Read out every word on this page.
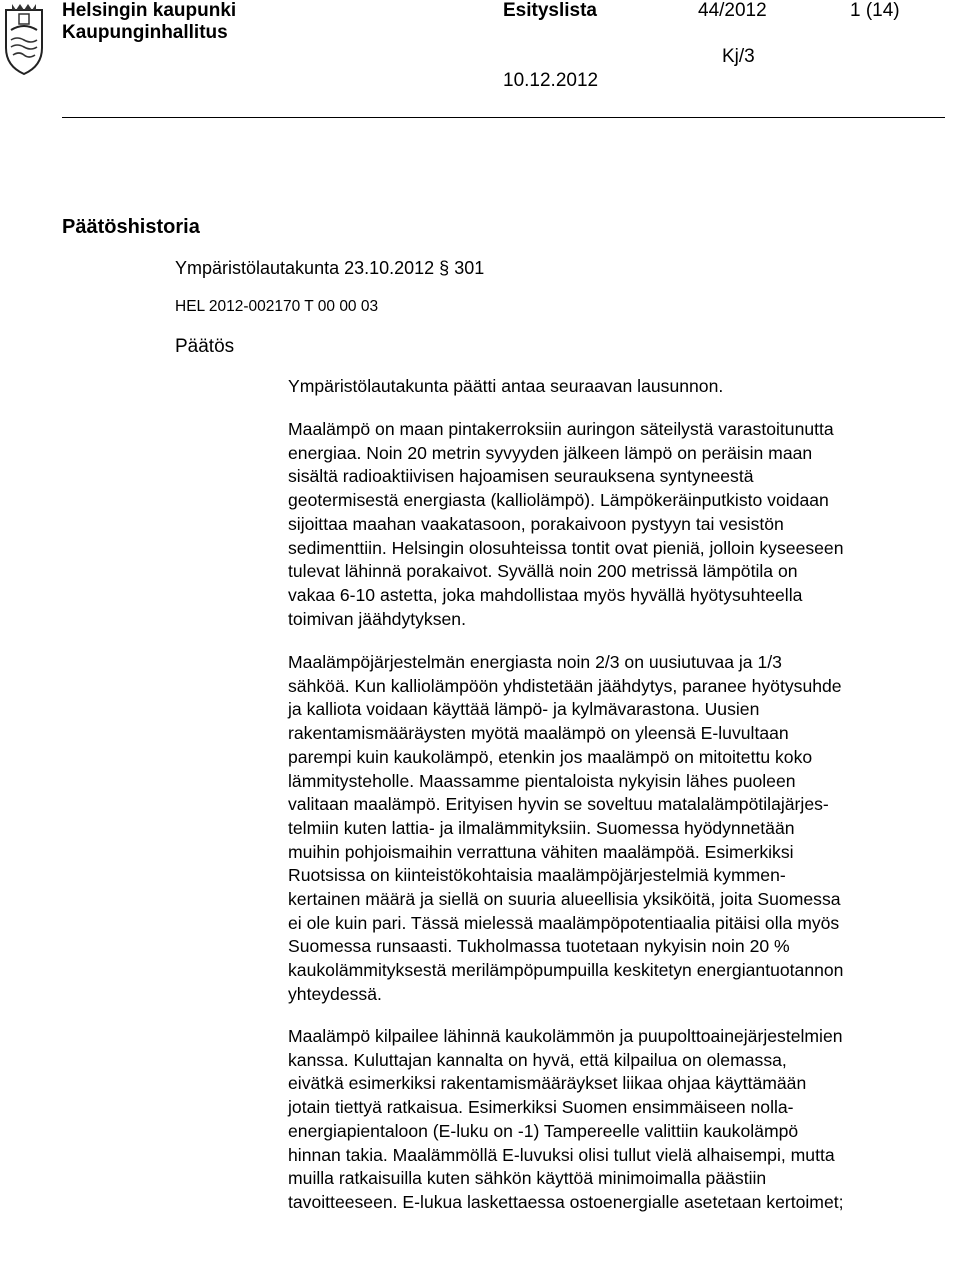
Helsingin kaupunki
Kaupunginhallitus
Esityslista	44/2012	1 (14)
Kj/3
10.12.2012
Päätöshistoria
Ympäristölautakunta 23.10.2012 § 301
HEL 2012-002170 T 00 00 03
Päätös
Ympäristölautakunta päätti antaa seuraavan lausunnon.
Maalämpö on maan pintakerroksiin auringon säteilystä varastoitunutta
energiaa. Noin 20 metrin syvyyden jälkeen lämpö on peräisin maan
sisältä radioaktiivisen hajoamisen seurauksena syntyneestä
geotermisestä energiasta (kalliolämpö). Lämpökeräinputkisto voidaan
sijoittaa maahan vaakatasoon, porakaivoon pystyyn tai vesistön
sedimenttiin. Helsingin olosuhteissa tontit ovat pieniä, jolloin kyseeseen
tulevat lähinnä porakaivot. Syvällä noin 200 metrissä lämpötila on
vakaa 6-10 astetta, joka mahdollistaa myös hyvällä hyötysuhteella
toimivan jäähdytyksen.
Maalämpöjärjestelmän energiasta noin 2/3 on uusiutuvaa ja 1/3
sähköä. Kun kalliolämpöön yhdistetään jäähdytys, paranee hyötysuhde
ja kalliota voidaan käyttää lämpö- ja kylmävarastona. Uusien
rakentamismääräysten myötä maalämpö on yleensä E-luvultaan
parempi kuin kaukolämpö, etenkin jos maalämpö on mitoitettu koko
lämmitysteholle. Maassamme pientaloista nykyisin lähes puoleen
valitaan maalämpö. Erityisen hyvin se soveltuu matalalämpötilajärjes-
telmiin kuten lattia- ja ilmalämmityksiin. Suomessa hyödynnetään
muihin pohjoismaihin verrattuna vähiten maalämpöä. Esimerkiksi
Ruotsissa on kiinteistökohtaisia maalämpöjärjestelmiä kymmen-
kertainen määrä ja siellä on suuria alueellisia yksiköitä, joita Suomessa
ei ole kuin pari. Tässä mielessä maalämpöpotentiaalia pitäisi olla myös
Suomessa runsaasti. Tukholmassa tuotetaan nykyisin noin 20 %
kaukolämmityksestä merilämpöpumpuilla keskitetyn energiantuotannon
yhteydessä.
Maalämpö kilpailee lähinnä kaukolämmön ja puupolttoainejärjestelmien
kanssa. Kuluttajan kannalta on hyvä, että kilpailua on olemassa,
eivätkä esimerkiksi rakentamismääräykset liikaa ohjaa käyttämään
jotain tiettyä ratkaisua. Esimerkiksi Suomen ensimmäiseen nolla-
energiapientaloon (E-luku on -1) Tampereelle valittiin kaukolämpö
hinnan takia. Maalämmöllä E-luvuksi olisi tullut vielä alhaisempi, mutta
muilla ratkaisuilla kuten sähkön käyttöä minimoimalla päästiin
tavoitteeseen. E-lukua laskettaessa ostoenergialle asetetaan kertoimet;
